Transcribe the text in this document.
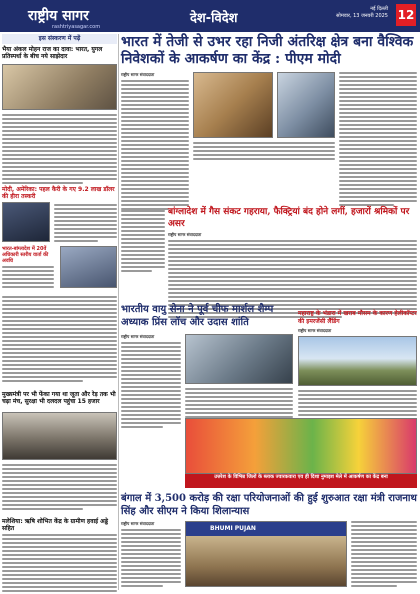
राष्ट्रीय सागर
rashtriyasagar.com
देश-विदेश
नई दिल्ली
सोमवार, 13 जनवरी 2025 12
इस संस्करण में पढ़ें
भैया अंकल मोहन राज का दावा: भारत, युगल प्रतिस्पर्धा के बीच नये साझेदार
मोदी, अमेरिका: पहल कैरी के गए 9.2 लाख डॉलर की हीरा तस्करी
भारत-बांग्लादेश में 20वें अधिकारी स्तरीय वार्ता की अवधि
मुख्यमंत्री पर भी फेंका गया था जूता और रेड़ तक भी चढ़ा मंच, सुरक्षा भी दलदल पहुंचा 15 हजार
मलेशिया: ऋषि शोभित केंद्र के ग्रामीण हवाई अड्डे सहित
भारत में तेजी से उभर रहा निजी अंतरिक्ष क्षेत्र बना वैश्विक निवेशकों के आकर्षण का केंद्र : पीएम मोदी
राष्ट्रीय सागर संवाददाता
बांग्लादेश में गैस संकट गहराया, फैक्ट्रियां बंद होने लगीं, हजारों श्रमिकों पर असर
राष्ट्रीय सागर संवाददाता
भारतीय वायु सेना ने पूर्व चीफ मार्शल शैम्प अध्याक प्रिंस लॉच और उदास शांति
राष्ट्रीय सागर संवाददाता
महाराष्ट्र के भंडारा में खराब मौसम के कारण हेलीकॉप्टर की इमरजेंसी लैंडिंग
राष्ट्रीय सागर संवाददाता
उत्तरेश के विभिन्न जिलों के ब्लाक ज्वारकवारा एव ही दिशा नुमाइश मेले में आकर्षण का केंद्र बना
बंगाल में 3,500 करोड़ की रक्षा परियोजनाओं की हुई शुरुआत रक्षा मंत्री राजनाथ सिंह और सीएम ने किया शिलान्यास
राष्ट्रीय सागर संवाददाता
BHUMI PUJAN
